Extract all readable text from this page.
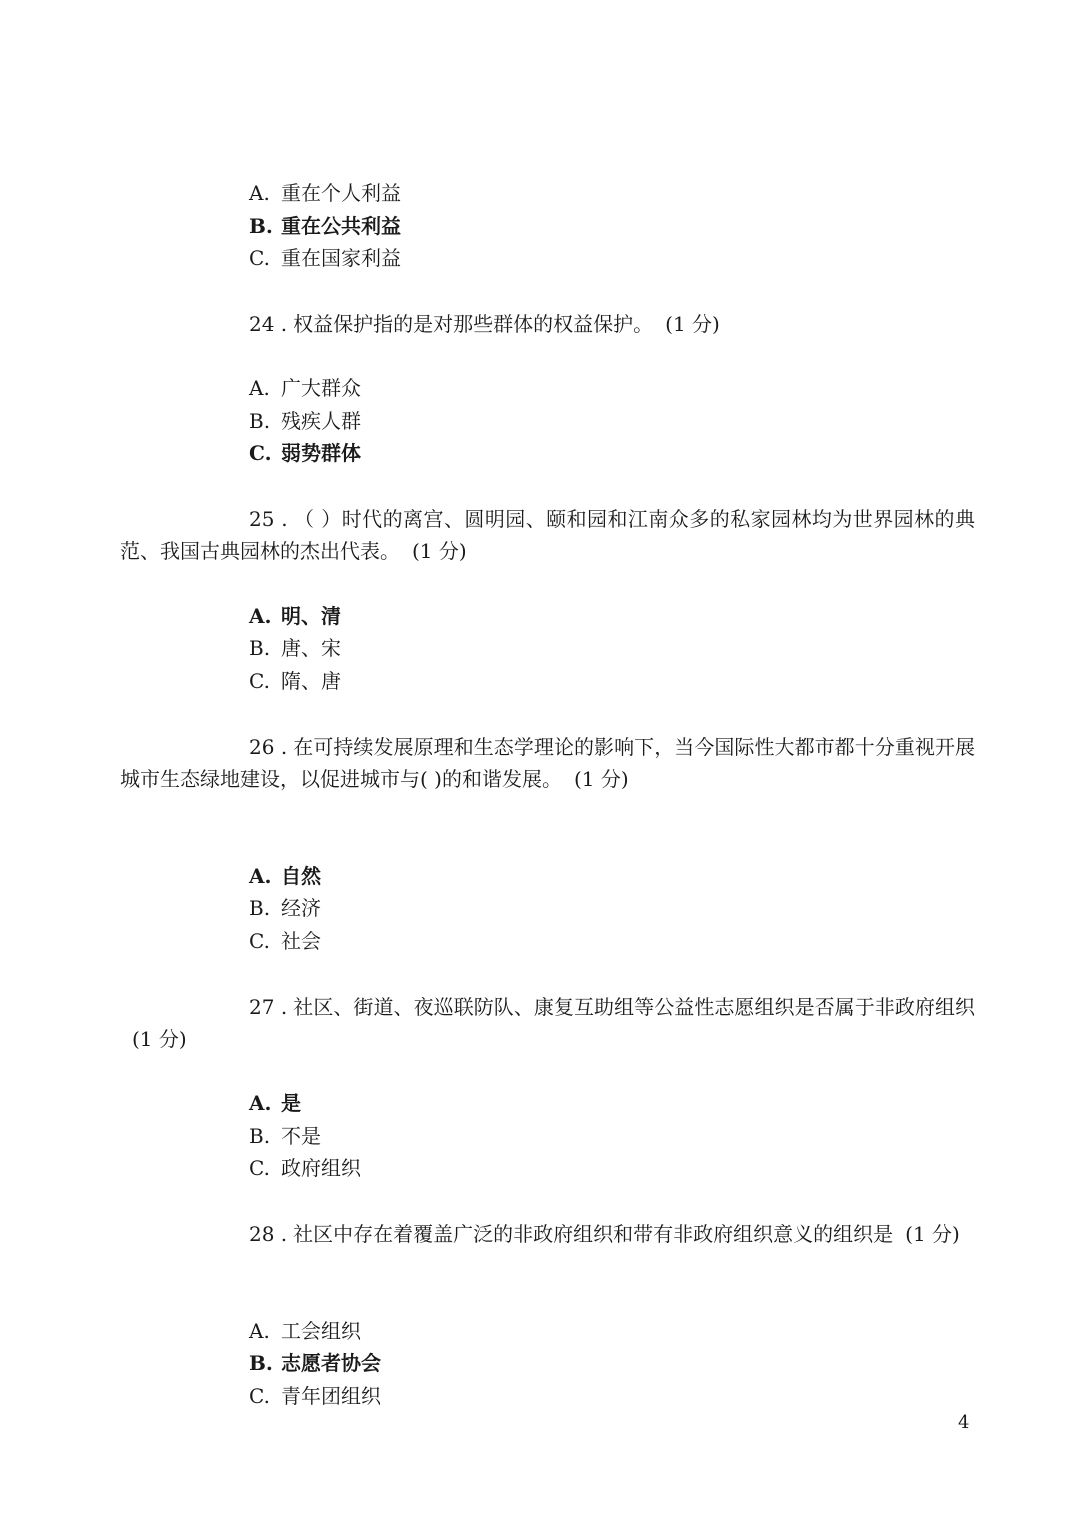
A. 重在个人利益
B. 重在公共利益
C. 重在国家利益
24 . 权益保护指的是对那些群体的权益保护。 (1 分)
A. 广大群众
B. 残疾人群
C. 弱势群体
25 . （ ）时代的离宫、圆明园、颐和园和江南众多的私家园林均为世界园林的典范、我国古典园林的杰出代表。 (1 分)
A. 明、清
B. 唐、宋
C. 隋、唐
26 . 在可持续发展原理和生态学理论的影响下，当今国际性大都市都十分重视开展城市生态绿地建设，以促进城市与( )的和谐发展。 (1 分)
A. 自然
B. 经济
C. 社会
27 . 社区、街道、夜巡联防队、康复互助组等公益性志愿组织是否属于非政府组织(1 分)
A. 是
B. 不是
C. 政府组织
28 . 社区中存在着覆盖广泛的非政府组织和带有非政府组织意义的组织是 (1 分)
A. 工会组织
B. 志愿者协会
C. 青年团组织
4
